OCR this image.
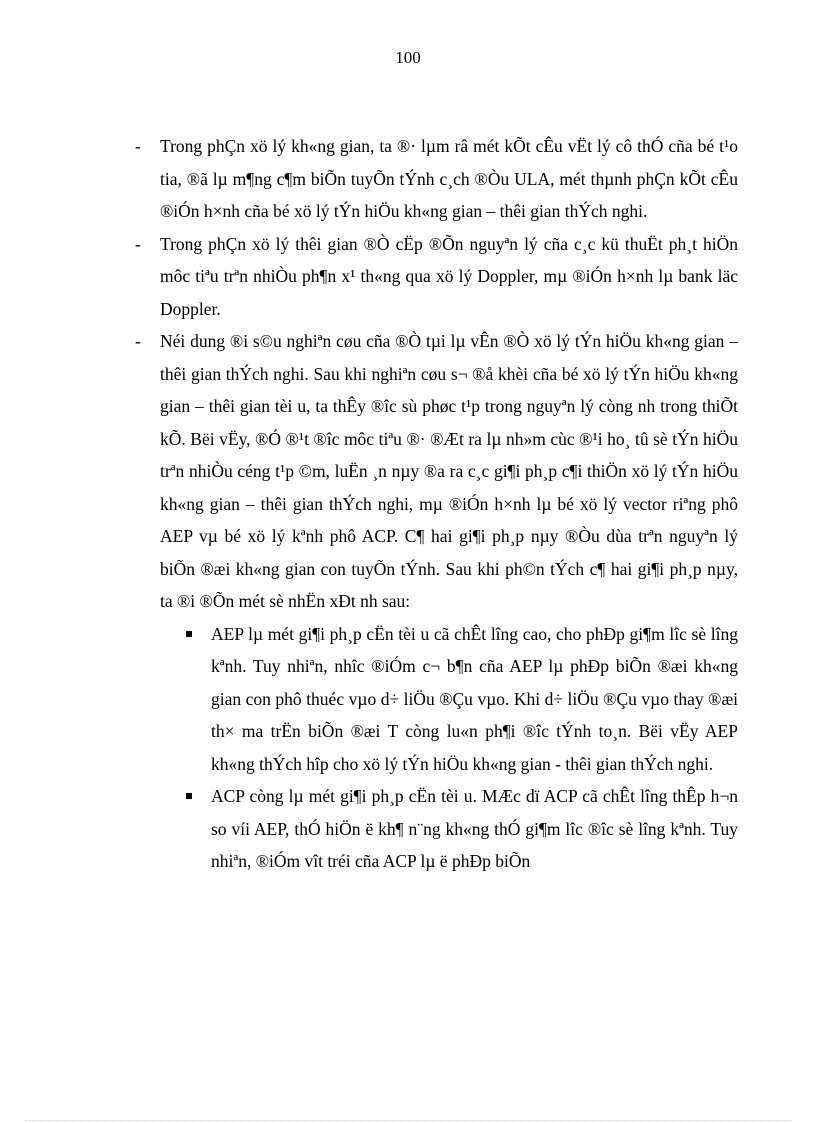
100
- Trong phÇn xö lý kh«ng gian, ta ®· lµm râ mét kÕt cÊu vËt lý cô thÓ cña bé t¹o tia, ®ã lµ m¶ng c¶m biÕn tuyÕn tÝnh c¸ch ®Òu ULA, mét thµnh phÇn kÕt cÊu ®iÓn h×nh cña bé xö lý tÝn hiÖu kh«ng gian – thêi gian thÝch nghi.
- Trong phÇn xö lý thêi gian ®Ò cËp ®Õn nguyªn lý cña c¸c kü thuËt ph¸t hiÖn môc tiªu trªn nhiÒu ph¶n x¹ th«ng qua xö lý Doppler, mµ ®iÓn h×nh lµ bank läc Doppler.
- Néi dung ®i s©u nghiªn cøu cña ®Ò tµi lµ vÊn ®Ò xö lý tÝn hiÖu kh«ng gian – thêi gian thÝch nghi. Sau khi nghiªn cøu s¬ ®å khèi cña bé xö lý tÝn hiÖu kh«ng gian – thêi gian tèi u, ta thÊy ®îc sù phøc t¹p trong nguyªn lý còng nh trong thiÕt kÕ. Bëi vËy, ®Ó ®¹t ®îc môc tiªu ®· ®Æt ra lµ nh»m cùc ®¹i ho¸ tû sè tÝn hiÖu trªn nhiÒu céng t¹p ©m, luËn ¸n nµy ®a ra c¸c gi¶i ph¸p c¶i thiÖn xö lý tÝn hiÖu kh«ng gian – thêi gian thÝch nghi, mµ ®iÓn h×nh lµ bé xö lý vector riªng phô AEP vµ bé xö lý kªnh phô ACP. C¶ hai gi¶i ph¸p nµy ®Òu dùa trªn nguyªn lý biÕn ®æi kh«ng gian con tuyÕn tÝnh. Sau khi ph©n tÝch c¶ hai gi¶i ph¸p nµy, ta ®i ®Õn mét sè nhËn xÐt nh sau:
AEP lµ mét gi¶i ph¸p cËn tèi u cã chÊt lîng cao, cho phÐp gi¶m lîc sè lîng kªnh. Tuy nhiªn, nhîc ®iÓm c¬ b¶n cña AEP lµ phÐp biÕn ®æi kh«ng gian con phô thuéc vµo d÷ liÖu ®Çu vµo. Khi d÷ liÖu ®Çu vµo thay ®æi th× ma trËn biÕn ®æi T còng lu«n ph¶i ®îc tÝnh to¸n. Bëi vËy AEP kh«ng thÝch hîp cho xö lý tÝn hiÖu kh«ng gian - thêi gian thÝch nghi.
ACP còng lµ mét gi¶i ph¸p cËn tèi u. MÆc dï ACP cã chÊt lîng thÊp h¬n so víi AEP, thÓ hiÖn ë kh¶ n¨ng kh«ng thÓ gi¶m lîc ®îc sè lîng kªnh. Tuy nhiªn, ®iÓm vît tréi cña ACP lµ ë phÐp biÕn
